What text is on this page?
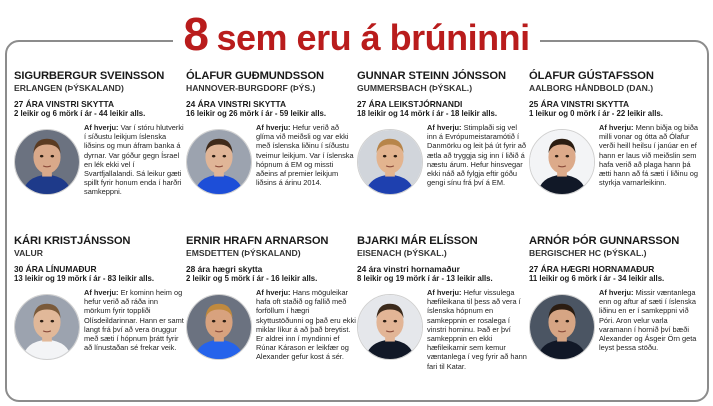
8 sem eru á brúninni
SIGURBERGUR SVEINSSON
ERLANGEN (ÞÝSKALAND)
27 ÁRA VINSTRI SKYTTA
2 leikir og 6 mörk í ár - 44 leikir alls.
Af hverju: Var í stóru hlutverki í síðustu leikjum íslenska liðsins og mun áfram banka á dyrnar. Var góður gegn Ísrael en lék ekki vel í Svartfjallalandi. Sá leikur gæti spillt fyrir honum enda í harðri samkeppni.
ÓLAFUR GUÐMUNDSSON
HANNOVER-BURGDORF (ÞÝS.)
24 ÁRA VINSTRI SKYTTA
16 leikir og 26 mörk í ár - 59 leikir alls.
Af hverju: Hefur verið að glíma við meiðsli og var ekki með íslenska liðinu í síðustu tveimur leikjum. Var í íslenska hópnum á EM og missti aðeins af premier leikjum liðsins á árinu 2014.
GUNNAR STEINN JÓNSSON
GUMMERSBACH (ÞÝSKAL.)
27 ÁRA LEIKSTJÓRNANDI
18 leikir og 14 mörk í ár - 18 leikir alls.
Af hverju: Stimplaði sig vel inn á Evrópumeistaramótið í Danmörku og leit þá út fyrir að ætla að tryggja sig inn í liðið á næstu árum. Hefur hinsvegar ekki náð að fylgja eftir góðu gengi sínu frá því á EM.
ÓLAFUR GÚSTAFSSON
AALBORG HÅNDBOLD (DAN.)
25 ÁRA VINSTRI SKYTTA
1 leikur og 0 mörk í ár - 22 leikir alls.
Af hverju: Menn biðja og biða milli vonar og ótta að Ólafur verði heill heilsu í janúar en ef hann er laus við meiðslin sem hafa verið að plaga hann þá ætti hann að fá sæti í liðinu og styrkja varnarleikinn.
KÁRI KRISTJÁNSSON
VALUR
30 ÁRA LÍNUMAÐUR
13 leikir og 19 mörk í ár - 83 leikir alls.
Af hverju: Er kominn heim og hefur verið að ráða inn mörkum fyrir toppliði Olísdeildarinnar. Hann er samt langt frá því að vera öruggur með sæti í hópnum þrátt fyrir að línustaðan sé frekar veik.
ERNIR HRAFN ARNARSON
EMSDETTEN (ÞÝSKALAND)
28 ára hægri skytta
2 leikir og 5 mörk í ár - 16 leikir alls.
Af hverju: Hans möguleikar hafa oft staðið og fallið með forföllum í hægri skyttustöðunni og það eru ekki miklar líkur á að það breytist. Er aldrei inn í myndinni ef Rúnar Kárason er leikfær og Alexander gefur kost á sér.
BJARKI MÁR ELÍSSON
EISENACH (ÞÝSKAL.)
24 ára vinstri hornamaður
8 leikir og 19 mörk í ár - 13 leikir alls.
Af hverju: Hefur vissulega hæfileikana til þess að vera í íslenska hópnum en samkeppnin er rosalega í vinstri horninu. Það er því samkeppnin en ekki hæfileikarnir sem kemur væntanlega í veg fyrir að hann fari til Katar.
ARNÓR ÞÓR GUNNARSSON
BERGISCHER HC (ÞÝSKAL.)
27 ÁRA HÆGRI HORNAMAÐUR
11 leikir og 6 mörk í ár - 34 leikir alls.
Af hverju: Missir væntanlega enn og aftur af sæti í íslenska liðinu en er í samkeppni við Póri. Aron velur varla varamann í hornið því bæði Alexander og Ásgeir Örn geta leyst þessa stöðu.
